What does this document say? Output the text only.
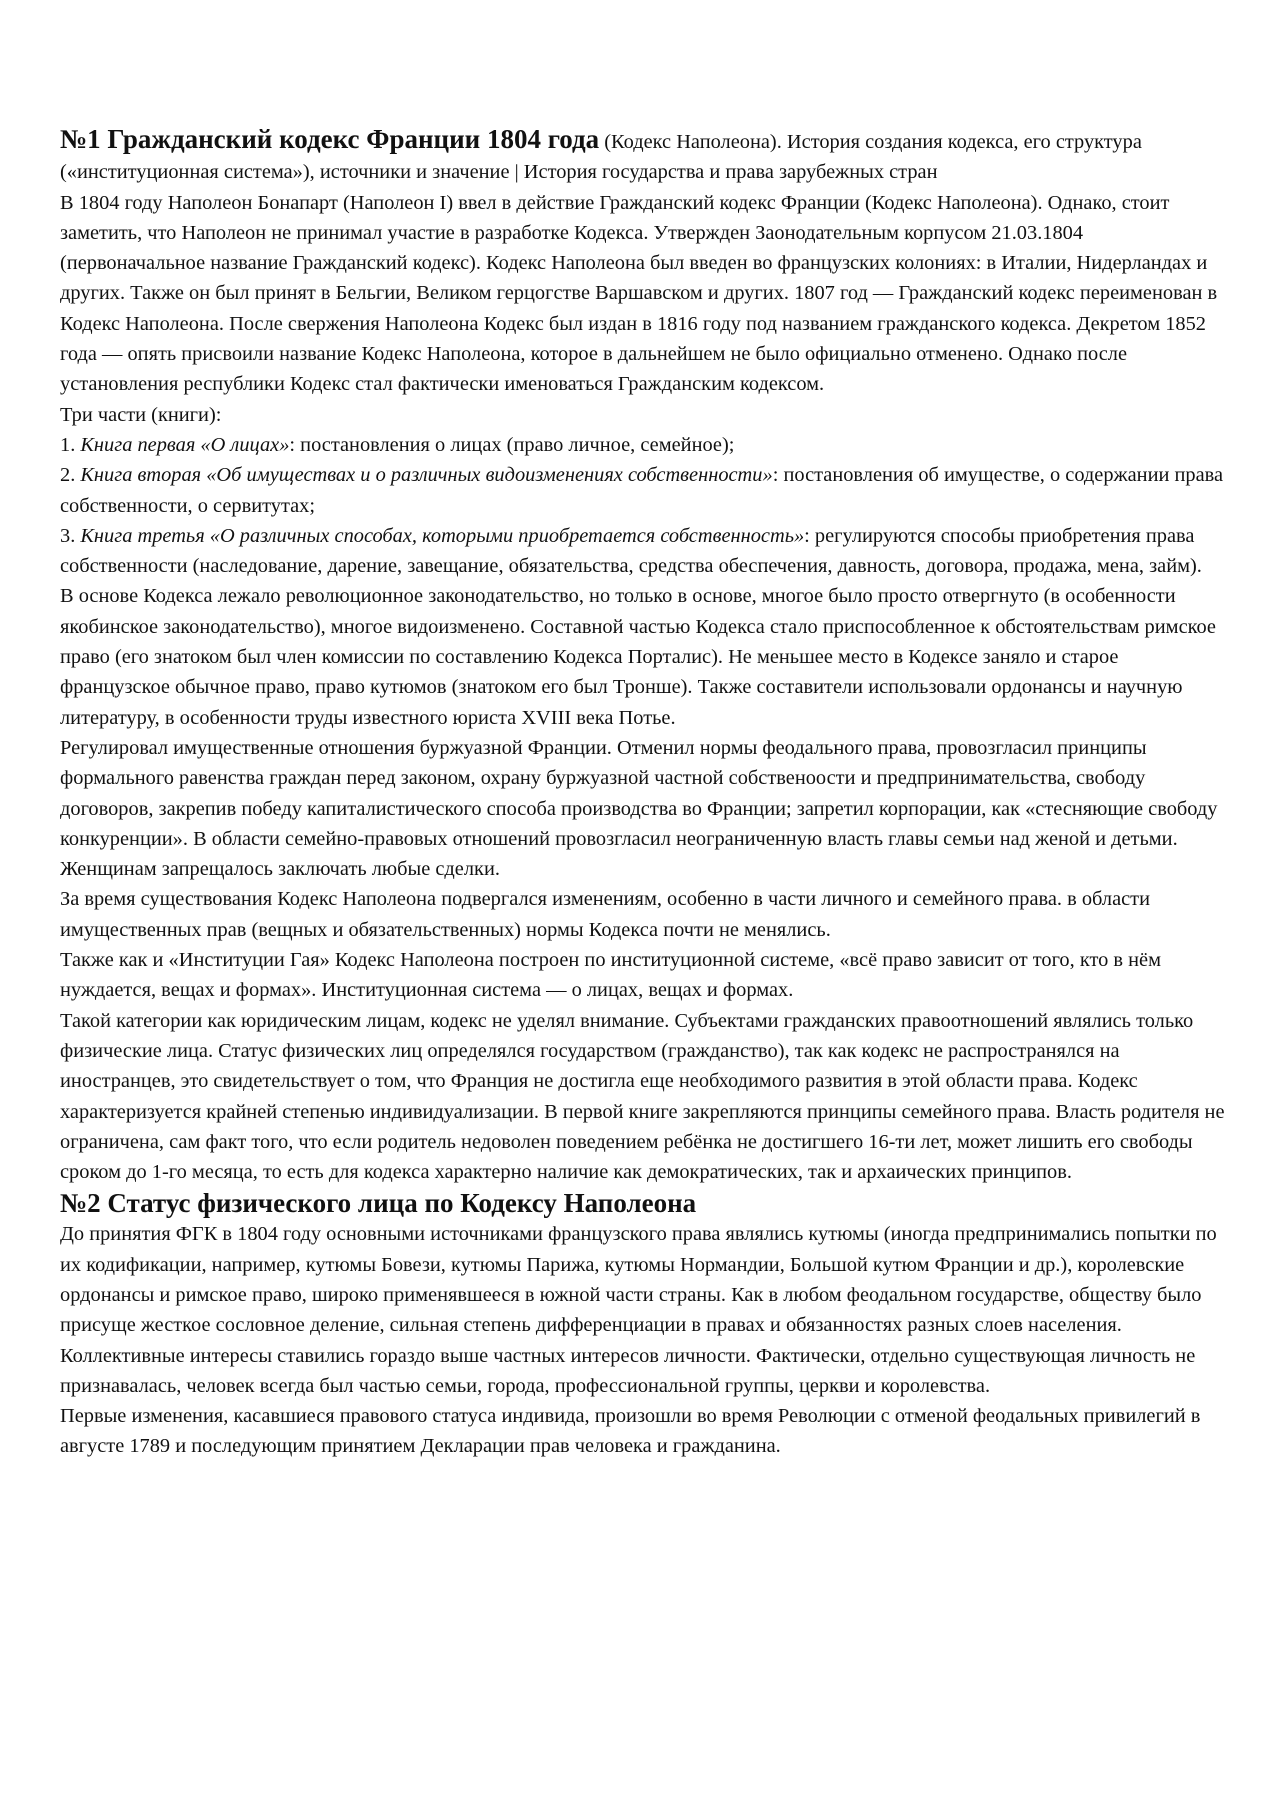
№1 Гражданский кодекс Франции 1804 года (Кодекс Наполеона). История создания кодекса, его структура («институционная система»), источники и значение | История государства и права зарубежных стран

В 1804 году Наполеон Бонапарт (Наполеон I) ввел в действие Гражданский кодекс Франции (Кодекс Наполеона). Однако, стоит заметить, что Наполеон не принимал участие в разработке Кодекса. Утвержден Заонодательным корпусом 21.03.1804 (первоначальное название Гражданский кодекс). Кодекс Наполеона был введен во французских колониях: в Италии, Нидерландах и других. Также он был принят в Бельгии, Великом герцогстве Варшавском и других. 1807 год — Гражданский кодекс переименован в Кодекс Наполеона. После свержения Наполеона Кодекс был издан в 1816 году под названием гражданского кодекса. Декретом 1852 года — опять присвоили название Кодекс Наполеона, которое в дальнейшем не было официально отменено. Однако после установления республики Кодекс стал фактически именоваться Гражданским кодексом.

Три части (книги):

1. Книга первая «О лицах»: постановления о лицах (право личное, семейное);

2. Книга вторая «Об имуществах и о различных видоизменениях собственности»: постановления об имуществе, о содержании права собственности, о сервитутах;

3. Книга третья «О различных способах, которыми приобретается собственность»: регулируются способы приобретения права собственности (наследование, дарение, завещание, обязательства, средства обеспечения, давность, договора, продажа, мена, займ).

В основе Кодекса лежало революционное законодательство, но только в основе, многое было просто отвергнуто (в особенности якобинское законодательство), многое видоизменено. Составной частью Кодекса стало приспособленное к обстоятельствам римское право (его знатоком был член комиссии по составлению Кодекса Порталис). Не меньшее место в Кодексе заняло и старое французское обычное право, право кутюмов (знатоком его был Тронше). Также составители использовали ордонансы и научную литературу, в особенности труды известного юриста XVIII века Потье.

Регулировал имущественные отношения буржуазной Франции. Отменил нормы феодального права, провозгласил принципы формального равенства граждан перед законом, охрану буржуазной частной собственоости и предпринимательства, свободу договоров, закрепив победу капиталистического способа производства во Франции; запретил корпорации, как «стесняющие свободу конкуренции». В области семейно-правовых отношений провозгласил неограниченную власть главы семьи над женой и детьми. Женщинам запрещалось заключать любые сделки.

За время существования Кодекс Наполеона подвергался изменениям, особенно в части личного и семейного права. в области имущественных прав (вещных и обязательственных) нормы Кодекса почти не менялись.

Также как и «Институции Гая» Кодекс Наполеона построен по институционной системе, «всё право зависит от того, кто в нём нуждается, вещах и формах». Институционная система — о лицах, вещах и формах.

Такой категории как юридическим лицам, кодекс не уделял внимание. Субъектами гражданских правоотношений являлись только физические лица. Статус физических лиц определялся государством (гражданство), так как кодекс не распространялся на иностранцев, это свидетельствует о том, что Франция не достигла еще необходимого развития в этой области права. Кодекс характеризуется крайней степенью индивидуализации. В первой книге закрепляются принципы семейного права. Власть родителя не ограничена, сам факт того, что если родитель недоволен поведением ребёнка не достигшего 16-ти лет, может лишить его свободы сроком до 1-го месяца, то есть для кодекса характерно наличие как демократических, так и архаических принципов.

№2 Статус физического лица по Кодексу Наполеона

До принятия ФГК в 1804 году основными источниками французского права являлись кутюмы (иногда предпринимались попытки по их кодификации, например, кутюмы Бовези, кутюмы Парижа, кутюмы Нормандии, Большой кутюм Франции и др.), королевские ордонансы и римское право, широко применявшееся в южной части страны. Как в любом феодальном государстве, обществу было присуще жесткое сословное деление, сильная степень дифференциации в правах и обязанностях разных слоев населения.

Коллективные интересы ставились гораздо выше частных интересов личности. Фактически, отдельно существующая личность не признавалась, человек всегда был частью семьи, города, профессиональной группы, церкви и королевства.

Первые изменения, касавшиеся правового статуса индивида, произошли во время Революции с отменой феодальных привилегий в августе 1789 и последующим принятием Декларации прав человека и гражданина.
